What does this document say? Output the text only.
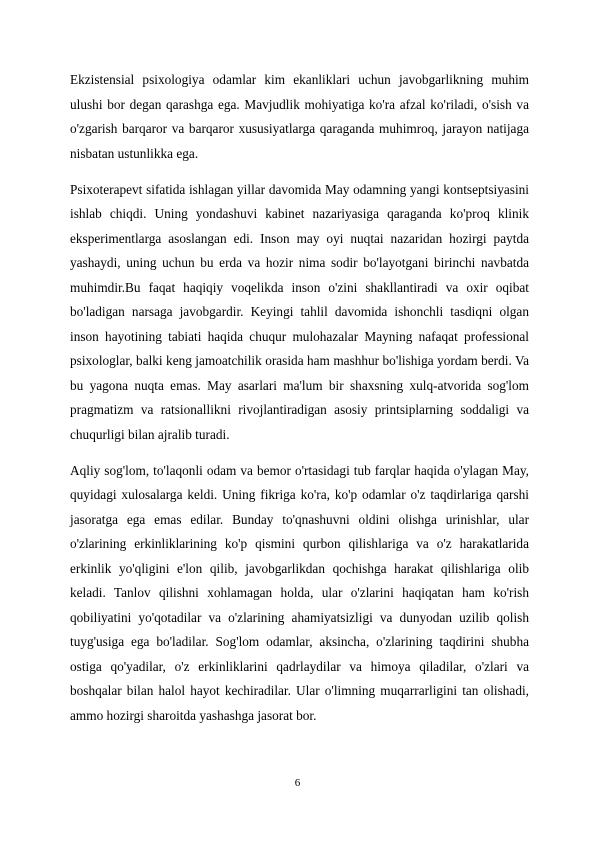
Ekzistensial psixologiya odamlar kim ekanliklari uchun javobgarlikning muhim ulushi bor degan qarashga ega. Mavjudlik mohiyatiga ko'ra afzal ko'riladi, o'sish va o'zgarish barqaror va barqaror xususiyatlarga qaraganda muhimroq, jarayon natijaga nisbatan ustunlikka ega.

Psixoterapevt sifatida ishlagan yillar davomida May odamning yangi kontseptsiyasini ishlab chiqdi. Uning yondashuvi kabinet nazariyasiga qaraganda ko'proq klinik eksperimentlarga asoslangan edi. Inson may oyi nuqtai nazaridan hozirgi paytda yashaydi, uning uchun bu erda va hozir nima sodir bo'layotgani birinchi navbatda muhimdir.Bu faqat haqiqiy voqelikda inson o'zini shakllantiradi va oxir oqibat bo'ladigan narsaga javobgardir. Keyingi tahlil davomida ishonchli tasdiqni olgan inson hayotining tabiati haqida chuqur mulohazalar Mayning nafaqat professional psixologlar, balki keng jamoatchilik orasida ham mashhur bo'lishiga yordam berdi. Va bu yagona nuqta emas. May asarlari ma'lum bir shaxsning xulq-atvorida sog'lom pragmatizm va ratsionallikni rivojlantiradigan asosiy printsiplarning soddaligi va chuqurligi bilan ajralib turadi.

Aqliy sog'lom, to'laqonli odam va bemor o'rtasidagi tub farqlar haqida o'ylagan May, quyidagi xulosalarga keldi. Uning fikriga ko'ra, ko'p odamlar o'z taqdirlariga qarshi jasoratga ega emas edilar. Bunday to'qnashuvni oldini olishga urinishlar, ular o'zlarining erkinliklarining ko'p qismini qurbon qilishlariga va o'z harakatlarida erkinlik yo'qligini e'lon qilib, javobgarlikdan qochishga harakat qilishlariga olib keladi. Tanlov qilishni xohlamagan holda, ular o'zlarini haqiqatan ham ko'rish qobiliyatini yo'qotadilar va o'zlarining ahamiyatsizligi va dunyodan uzilib qolish tuyg'usiga ega bo'ladilar. Sog'lom odamlar, aksincha, o'zlarining taqdirini shubha ostiga qo'yadilar, o'z erkinliklarini qadrlaydilar va himoya qiladilar, o'zlari va boshqalar bilan halol hayot kechiradilar. Ular o'limning muqarrarligini tan olishadi, ammo hozirgi sharoitda yashashga jasorat bor.

6
